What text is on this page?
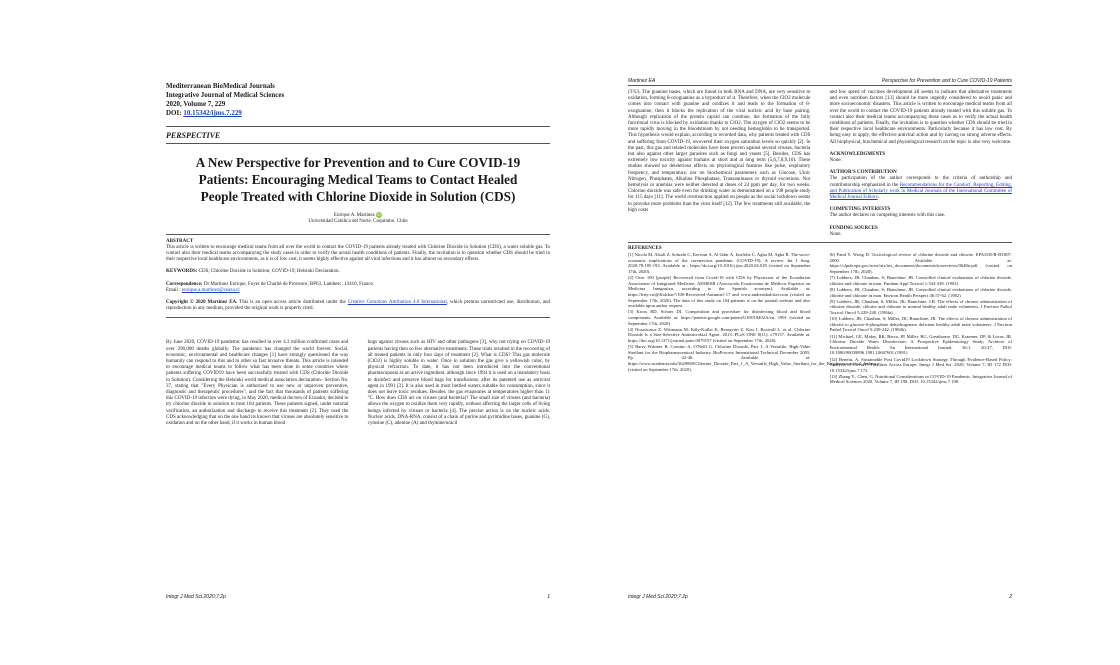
Mediterranean BioMedical Journals
Integrative Journal of Medical Sciences
2020, Volume 7, 229
DOI: 10.15342/ijms.7.229
PERSPECTIVE
A New Perspective for Prevention and to Cure COVID-19 Patients: Encouraging Medical Teams to Contact Healed People Treated with Chlorine Dioxide in Solution (CDS)
Enrique A. Martinez iD
Universidad Católica del Norte, Coquimbo, Chile
ABSTRACT
This article is written to encourage medical teams from all over the world to contact the COVID-19 patients already treated with Chlorine Dioxide in Solution (CDS), a water soluble gas. To contact also their medical teams accompanying the study cases in order to verify the actual health conditions of patients. Finally, the invitation is to question whether CDS should be tried in their respective local healthcare environments, as it is of low cost, it seems highly effective against all viral infections and it has almost no secondary effects.
KEYWORDS: CDS; Chlorine Dioxide in Solution; COVID-19; Helsinki Declaration.
Correspondence: Dr Martinez Enrique, Foyer de Charité de Provence, BP63, Lambesc, 13410, France.
Email : enrique.a.martinez@ceaza.cl
Copyright © 2020 Martinez EA. This is an open access article distributed under the Creative Commons Attribution 4.0 International, which permits unrestricted use, distribution, and reproduction in any medium, provided the original work is properly cited.
By June 2020, COVID-19 pandemic has resulted in over 4.3 million confirmed cases and over 290,000 deaths globally. The pandemic has changed the world forever. Social, economic, environmental and healthcare changes [1] have strongly questioned the way humanity can respond to this and to other so fast invasive threats. This article is intended to encourage medical teams to follow what has been done in some countries where patients suffering COVID19 have been successfully treated with CDS (Chlorine Dioxide in Solution). Considering the Helsinki world medical association declaration– Section No. 37, stating that "Every Physician is authorized to use new or unproven preventive, diagnostic and therapeutic procedures", and the fact that thousands of patients suffering this COVID-19 infection were dying, in May 2020, medical doctors of Ecuador, decided to try chlorine dioxide in solution to treat 104 patients. These patients signed, under notarial verification, an authorization and discharge to receive this treatment [2]. They used the CDS acknowledging that on the one hand its known that viruses are absolutely sensitive to oxidation and on the other hand, if it works in human blood
bugs against viruses such as HIV and other pathogens [3], why not trying on COVID-19 patients having then so few alternative treatments. These trials resulted in the recovering of all treated patients in only four days of treatment [2]. What is CDS? This gas molecule (ClO2) is highly soluble in water. Once in solution the gas give a yellowish color, by physical refraction. To date, it has not been introduced into the conventional pharmacopoeia as an active ingredient, although since 1994 it is used on a mandatory basis to disinfect and preserve blood bags for transfusions, after its patented use as antiviral agent in 1991 [3]. It is also used in most bottled waters suitable for consumption, since it does not leave toxic residues. Besides, the gas evaporates at temperatures higher than 11 °C. How does CDS act on viruses (and bacteria)? The small size of viruses (and bacteria) allows the oxygen to oxidize them very rapidly, without affecting the larger cells of living beings infected by viruses or bacteria [4]. The precise action is on the nucleic acids. Nucleic acids, DNA-RNA, consist of a chain of purine and pyrimidine bases, guanine (G), cytosine (C), adenine (A) and thymine/uracil
Integr J Med Sci.2020;7:2p	1
Martinez EA	Perspective for Prevention and to Cure COVID-19 Patients
(T/U). The guanine bases, which are found in both RNA and DNA, are very sensitive to oxidation, forming 8-oxoguanine as a byproduct of it. Therefore, when the ClO2 molecule comes into contact with guanine and oxidizes it and leads to the formation of 8-oxoguanine, then it blocks the replication of the viral nucleic acid by base pairing. Although replication of the protein capsid can continue, the formation of the fully functional virus is blocked by oxidation thanks to ClO2. The oxygen of ClO2 seems to be more rapidly moving in the bloodstream by not needing hemoglobin to be transported. This hypothesis would explain, according to recorded data, why patients treated with CDS and suffering from COVID-19, recovered their oxygen saturation levels so quickly [2]. In the past, this gas and related molecules have been proven against several viruses, bacteria but also against other larger parasites such as fungi and yeasts [5]. Besides, CDS has extremely low toxicity against humans at short and at long term (5,6,7,8,9,10). These studies showed no deleterious effects on physiological features like pulse, respiratory frequency, and temperature, nor on biochemical parameters such as Glucose, Uinic Nitrogen, Phosphates, Alkaline Phosphatase, Transaminases or thyroid excretions. Nor hemolysis or anemias were neither detected at doses of 24 ppm per day, for two weeks. Chlorine dioxide was safe even for drinking water as demonstrated on a 198 people study for 115 days [11]. The world overreaction applied on people as the social lockdown seems to provoke more problems than the virus itself [12]. The few treatments still available, the high costs
and low speed of vaccines development all seems to indicate that alternative treatments and even nutrition factors [13] should be more urgently considered to avoid panic and more socioeconomic disasters. This article is written to encourage medical teams from all over the world to contact the COVID-19 patients already treated with this soluble gas. To contact also their medical teams accompanying these cases as to verify the actual health conditions of patients. Finally, the invitation is to question whether CDS should be tried in their respective local healthcare environments. Particularly because it has low cost. By being easy to apply, the effective antiviral action and by having no strong adverse effects. All biophysical, biochemical and physiological research on the topic is also very welcome.
ACKNOWLEDGMENTS
None.
AUTHOR'S CONTRIBUTION
The participation of the author corresponds to the criteria of authorship and contributorship emphasized in the Recommendations for the Conduct, Reporting, Editing, and Publication of Scholarly work in Medical Journals of the International Committee of Medical Journal Editors.
COMPETING INTERESTS
The author declares no competing interests with this case.
FUNDING SOURCES
None.
REFERENCES
[1] Nicola M, Alsafi Z, Sohrabi C, Kerwan A, Al-Jabir A, Iosifidis C, Agha M, Agha R. The socio-economic implications of the coronavirus pandemic (COVID-19): A review. Int J Surg. 2020;78:185-193. Available at : https://doi.org/10.1016/j.ijsu.2020.04.018 (visited on September 17th, 2020).
[2] Over 100 [people] Recovered from Covid-19 with CDS by Physicians of the Ecuadorian Association of Integrated Medicine, AEMEMI (Asociación Ecuatoriana de Médicos Expertos en Medicina Integrativa, according to the Spanish acronym). Available at: https://frny.vn/@Kalckar?/100-Recovered-Autumn1-17 and www.andreaskalcker.com (visited on September 17th, 2020). The data of this study on 104 patients is on the journal website and also available upon author request.
[3] Kross RD, Schaer DI. Composition and procedure for disinfecting blood and blood components. Available at: https://patents.google.com/patent/US5019402A/en. 1991 (visited on September 17th, 2020).
[4] Noszticzius Z, Wittmann M, Kály-Kullai K, Beregvári Z, Kiss I, Rosivall L, et al. Chlorine Dioxide Is a Size-Selective Antimicrobial Agent. 2013. PLoS ONE 8(11): e79157. Available at: https://doi.org/10.1371/journal.pone.0079157 (visited on September 17th, 2020).
[5] Barry Wittmer B, Cornino A, O'Neill G. Chlorine Dioxide, Part 1: A Versatile, High-Value Sterilant for the Biopharmaceutical Industry. BioProcess International Technical December 2005. Pp. 42-46. Available at: https://www.academia.edu/3629869/Chlorine_Dioxide_Part_1_A_Versatile_High_Value_Sterilant_for_the_Biopharmaceutical_Industry (visited on September 17th, 2020).
[6] Pand Y, Wong D. Toxicological review of chlorine dioxide and chlorite. EPA/635/R-00/007. 2000. Available at: https://cfpub.epa.gov/ncea/iris/iris_documents/documents/toxreviews/0648tr.pdf (visited on September 17th, 2020).
[7] Lubbers, JR; Chauhan, S; Bianchine, JR. Controlled clinical evaluations of chlorine dioxide, chlorite and chlorate in man. Fundam Appl Toxicol 1:334-338. (1981)
[8] Lubbers, JR; Chauhan, S; Bianchine, JR. Controlled clinical evaluations of chlorine dioxide, chlorite and chlorate in man. Environ Health Perspect 46:57-62. (1982)
[9] Lubbers, JR; Chauhan, S; Miller, JK; Bianchine, J.R. The effects of chronic administration of chlorine dioxide, chlorite and chlorate to normal healthy adult male volunteers. J Environ Pathol Toxicol Oncol 5:229-238. (1984a).
[10] Lubbers, JR; Chauhan, S; Miller, JK; Bianchine, JR. The effects of chronic administration of chlorite to glucose-6-phosphate dehydrogenase deficient healthy adult male volunteers. J Environ Pathol Toxicol Oncol 5:239-242. (1984b).
[11] Michael, GE, Miday, RK, Bercz, JP, Miller, RG, Greathouse, DG, Kraemer, DF, & Lucas, JB. Chlorine Dioxide Water Disinfection: A Prospective Epidemiology Study, Archives of Environmental Health: An International Journal, 36:1, 20-27, DOI: 10.1080/00039896.1981.10667601 (1981)
[12] Benetti, A. Sustainable Post Covid19 Lockdown Strategy Through Evidence-Based Policy: Analysis of Covid19 Fatalities Across Europe. Integr J Med Sci. 2020; Volume 7, ID 172 DOI: 10.15342/ijms.7.172
[13] Zhang Y., Chen, G. Nutritional Considerations in COVID-19 Pandemic. Integrative Journal of Medical Sciences 2020, Volume 7, ID 198. DOI: 10.15342/ijms.7.198.
Integr J Med Sci.2020;7:2p	2
